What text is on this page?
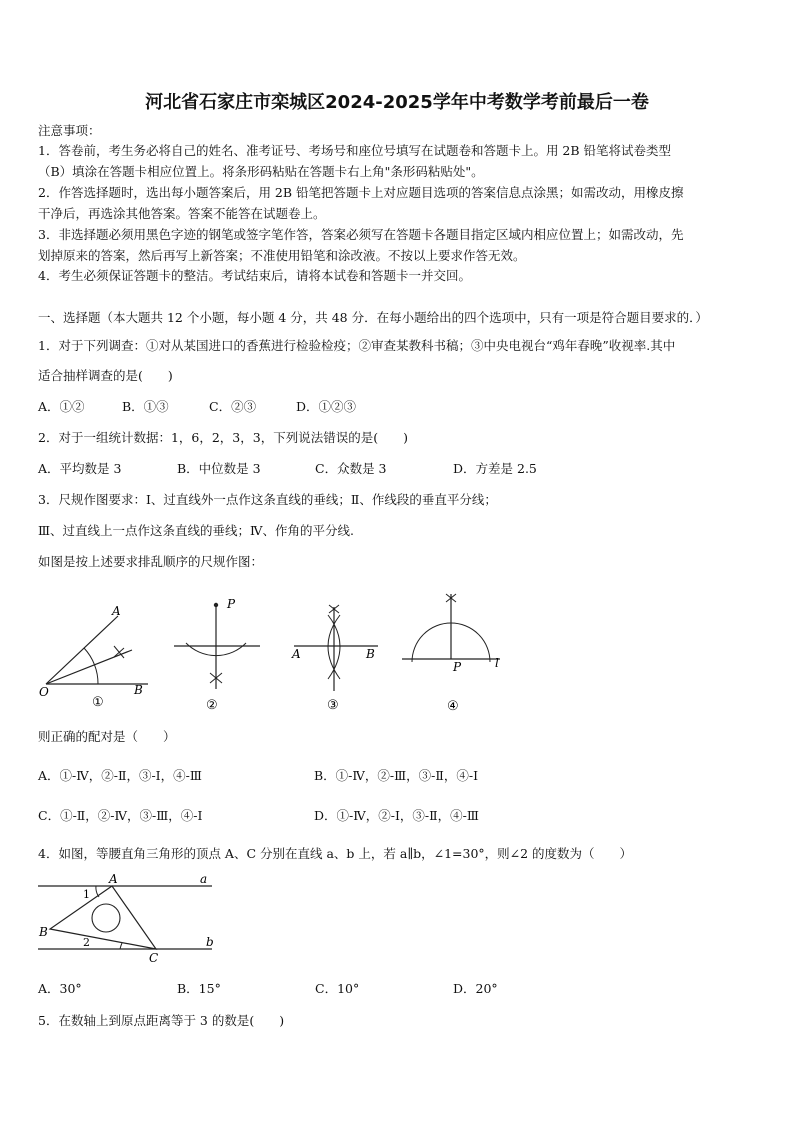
河北省石家庄市栾城区2024-2025学年中考数学考前最后一卷
注意事项：
1．答卷前，考生务必将自己的姓名、准考证号、考场号和座位号填写在试题卷和答题卡上。用 2B 铅笔将试卷类型
（B）填涂在答题卡相应位置上。将条形码粘贴在答题卡右上角"条形码粘贴处"。
2．作答选择题时，选出每小题答案后，用 2B 铅笔把答题卡上对应题目选项的答案信息点涂黑；如需改动，用橡皮擦
干净后，再选涂其他答案。答案不能答在试题卷上。
3．非选择题必须用黑色字迹的钢笔或签字笔作答，答案必须写在答题卡各题目指定区域内相应位置上；如需改动，先
划掉原来的答案，然后再写上新答案；不准使用铅笔和涂改液。不按以上要求作答无效。
4．考生必须保证答题卡的整洁。考试结束后，请将本试卷和答题卡一并交回。
一、选择题（本大题共 12 个小题，每小题 4 分，共 48 分．在每小题给出的四个选项中，只有一项是符合题目要求的．）
1．对于下列调查：①对从某国进口的香蕉进行检验检疫；②审查某教科书稿；③中央电视台“鸡年春晚”收视率.其中
适合抽样调查的是(　　)
A．①②	B．①③	C．②③	D．①②③
2．对于一组统计数据：1，6，2，3，3，下列说法错误的是(　　)
A．平均数是 3	B．中位数是 3	C．众数是 3	D．方差是 2.5
3．尺规作图要求：Ⅰ、过直线外一点作这条直线的垂线；Ⅱ、作线段的垂直平分线；
Ⅲ、过直线上一点作这条直线的垂线；Ⅳ、作角的平分线.
如图是按上述要求排乱顺序的尺规作图：
A
O	B
①
P
②
A	B
③
P	l
④
则正确的配对是（　　）
A．①-Ⅳ，②-Ⅱ，③-Ⅰ，④-Ⅲ	B．①-Ⅳ，②-Ⅲ，③-Ⅱ，④-Ⅰ
C．①-Ⅱ，②-Ⅳ，③-Ⅲ，④-Ⅰ	D．①-Ⅳ，②-Ⅰ，③-Ⅱ，④-Ⅲ
4．如图，等腰直角三角形的顶点 A、C 分别在直线 a、b 上，若 a∥b，∠1=30°，则∠2 的度数为（　　）
A	a
B
C
b
1
2
A．30°	B．15°	C．10°	D．20°
5．在数轴上到原点距离等于 3 的数是(　　)
